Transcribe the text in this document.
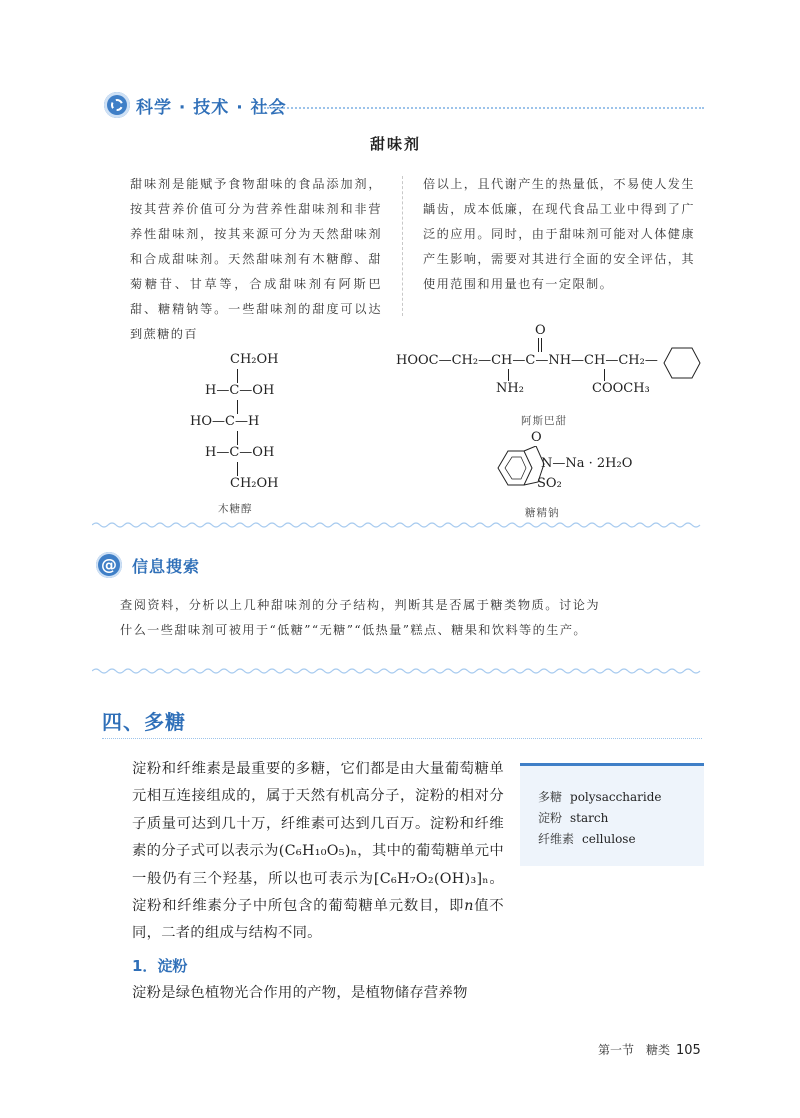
科学 · 技术 · 社会
甜味剂
甜味剂是能赋予食物甜味的食品添加剂，按其营养价值可分为营养性甜味剂和非营养性甜味剂，按其来源可分为天然甜味剂和合成甜味剂。天然甜味剂有木糖醇、甜菊糖苷、甘草等，合成甜味剂有阿斯巴甜、糖精钠等。一些甜味剂的甜度可以达到蔗糖的百
倍以上，且代谢产生的热量低，不易使人发生龋齿，成本低廉，在现代食品工业中得到了广泛的应用。同时，由于甜味剂可能对人体健康产生影响，需要对其进行全面的安全评估，其使用范围和用量也有一定限制。
CH₂OH
H—C—OH
HO—C—H
H—C—OH
CH₂OH
木糖醇
O
HOOC—CH₂—CH—C—NH—CH—CH₂—
NH₂	COOCH₃
阿斯巴甜
O
N—Na · 2H₂O
SO₂
糖精钠
@ 信息搜索
查阅资料，分析以上几种甜味剂的分子结构，判断其是否属于糖类物质。讨论为什么一些甜味剂可被用于“低糖”“无糖”“低热量”糕点、糖果和饮料等的生产。
四、多糖
淀粉和纤维素是最重要的多糖，它们都是由大量葡萄糖单元相互连接组成的，属于天然有机高分子，淀粉的相对分子质量可达到几十万，纤维素可达到几百万。淀粉和纤维素的分子式可以表示为(C₆H₁₀O₅)ₙ，其中的葡萄糖单元中一般仍有三个羟基，所以也可表示为[C₆H₇O₂(OH)₃]ₙ。淀粉和纤维素分子中所包含的葡萄糖单元数目，即n值不同，二者的组成与结构不同。
多糖 polysaccharide
淀粉 starch
纤维素 cellulose
1．淀粉
淀粉是绿色植物光合作用的产物，是植物储存营养物
第一节　糖类 105
